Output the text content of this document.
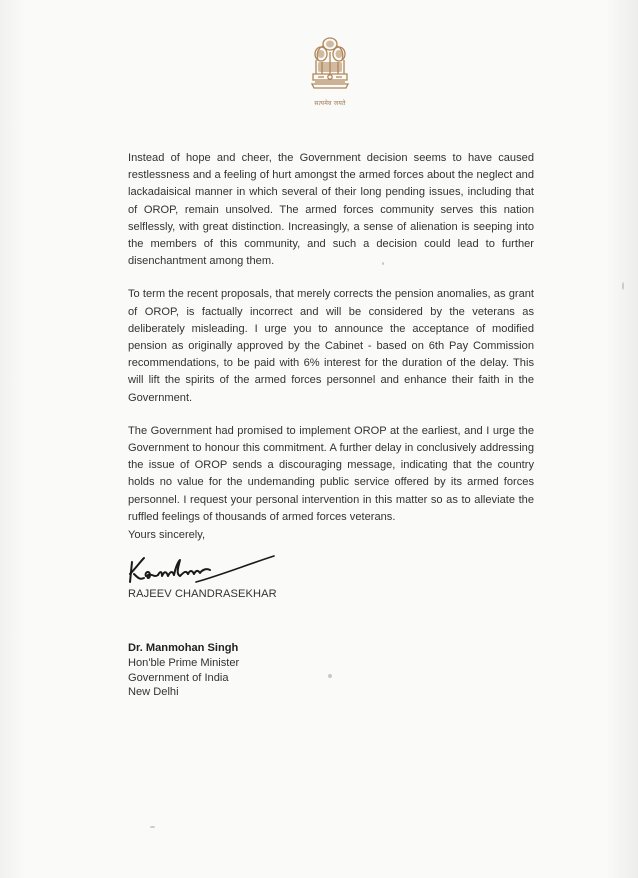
सत्यमेव जयते

Instead of hope and cheer, the Government decision seems to have caused restlessness and a feeling of hurt amongst the armed forces about the neglect and lackadaisical manner in which several of their long pending issues, including that of OROP, remain unsolved. The armed forces community serves this nation selflessly, with great distinction. Increasingly, a sense of alienation is seeping into the members of this community, and such a decision could lead to further disenchantment among them.

To term the recent proposals, that merely corrects the pension anomalies, as grant of OROP, is factually incorrect and will be considered by the veterans as deliberately misleading. I urge you to announce the acceptance of modified pension as originally approved by the Cabinet - based on 6th Pay Commission recommendations, to be paid with 6% interest for the duration of the delay. This will lift the spirits of the armed forces personnel and enhance their faith in the Government.

The Government had promised to implement OROP at the earliest, and I urge the Government to honour this commitment. A further delay in conclusively addressing the issue of OROP sends a discouraging message, indicating that the country holds no value for the undemanding public service offered by its armed forces personnel. I request your personal intervention in this matter so as to alleviate the ruffled feelings of thousands of armed forces veterans.

Yours sincerely,
RAJEEV CHANDRASEKHAR
Dr. Manmohan Singh
Hon'ble Prime Minister
Government of India
New Delhi
